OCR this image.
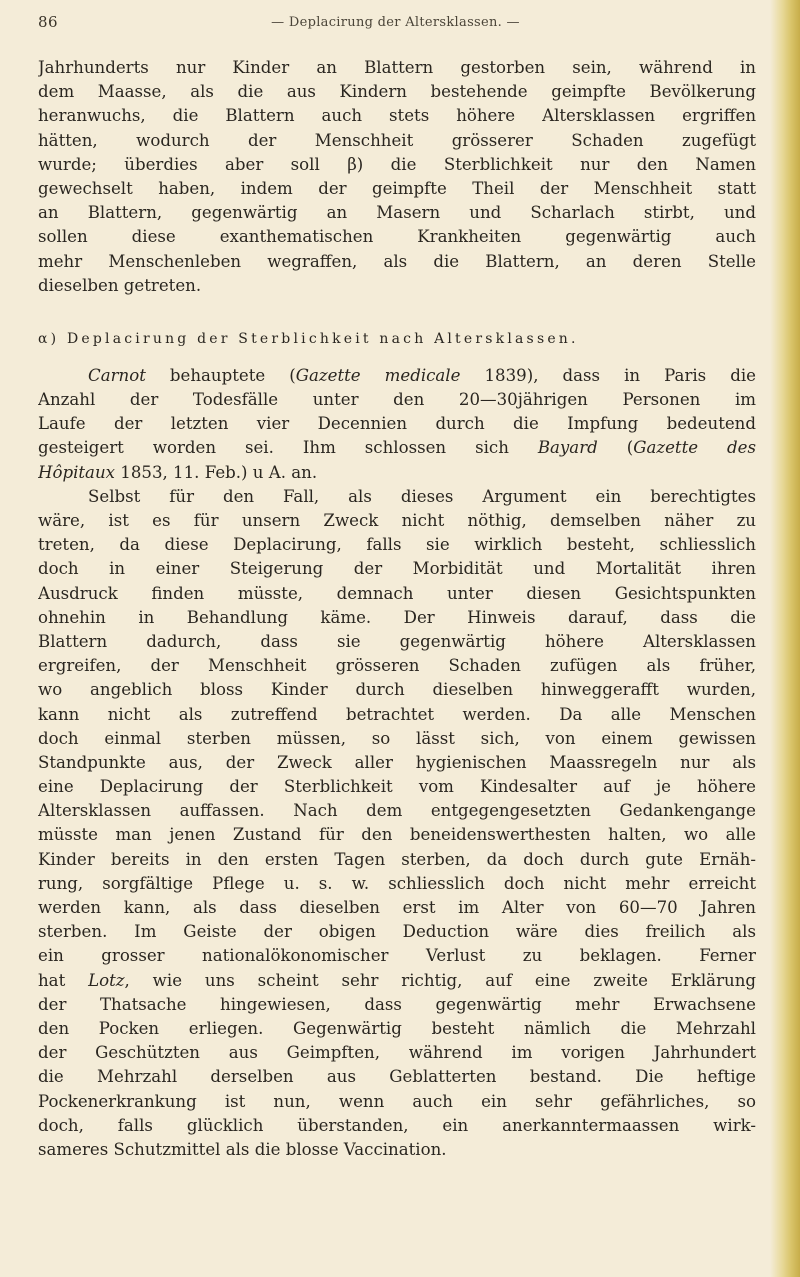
86	— Deplacirung der Altersklassen. —
Jahrhunderts nur Kinder an Blattern gestorben sein, während in
dem Maasse, als die aus Kindern bestehende geimpfte Bevölkerung
heranwuchs, die Blattern auch stets höhere Altersklassen ergriffen
hätten, wodurch der Menschheit grösserer Schaden zugefügt
wurde; überdies aber soll β) die Sterblichkeit nur den Namen
gewechselt haben, indem der geimpfte Theil der Menschheit statt
an Blattern, gegenwärtig an Masern und Scharlach stirbt, und
sollen diese exanthematischen Krankheiten gegenwärtig auch
mehr Menschenleben wegraffen, als die Blattern, an deren Stelle
dieselben getreten.
α) Deplacirung der Sterblichkeit nach Altersklassen.
Carnot behauptete (Gazette medicale 1839), dass in Paris die
Anzahl der Todesfälle unter den 20—30jährigen Personen im
Laufe der letzten vier Decennien durch die Impfung bedeutend
gesteigert worden sei. Ihm schlossen sich Bayard (Gazette des
Hôpitaux 1853, 11. Feb.) u A. an.
Selbst für den Fall, als dieses Argument ein berechtigtes
wäre, ist es für unsern Zweck nicht nöthig, demselben näher zu
treten, da diese Deplacirung, falls sie wirklich besteht, schliesslich
doch in einer Steigerung der Morbidität und Mortalität ihren
Ausdruck finden müsste, demnach unter diesen Gesichtspunkten
ohnehin in Behandlung käme. Der Hinweis darauf, dass die
Blattern dadurch, dass sie gegenwärtig höhere Altersklassen
ergreifen, der Menschheit grösseren Schaden zufügen als früher,
wo angeblich bloss Kinder durch dieselben hinweggerafft wurden,
kann nicht als zutreffend betrachtet werden. Da alle Menschen
doch einmal sterben müssen, so lässt sich, von einem gewissen
Standpunkte aus, der Zweck aller hygienischen Maassregeln nur als
eine Deplacirung der Sterblichkeit vom Kindesalter auf je höhere
Altersklassen auffassen. Nach dem entgegengesetzten Gedankengange
müsste man jenen Zustand für den beneidenswerthesten halten, wo alle
Kinder bereits in den ersten Tagen sterben, da doch durch gute Ernäh-
rung, sorgfältige Pflege u. s. w. schliesslich doch nicht mehr erreicht
werden kann, als dass dieselben erst im Alter von 60—70 Jahren
sterben. Im Geiste der obigen Deduction wäre dies freilich als
ein grosser nationalökonomischer Verlust zu beklagen. Ferner
hat Lotz, wie uns scheint sehr richtig, auf eine zweite Erklärung
der Thatsache hingewiesen, dass gegenwärtig mehr Erwachsene
den Pocken erliegen. Gegenwärtig besteht nämlich die Mehrzahl
der Geschützten aus Geimpften, während im vorigen Jahrhundert
die Mehrzahl derselben aus Geblatterten bestand. Die heftige
Pockenerkrankung ist nun, wenn auch ein sehr gefährliches, so
doch, falls glücklich überstanden, ein anerkanntermaassen wirk-
sameres Schutzmittel als die blosse Vaccination.
